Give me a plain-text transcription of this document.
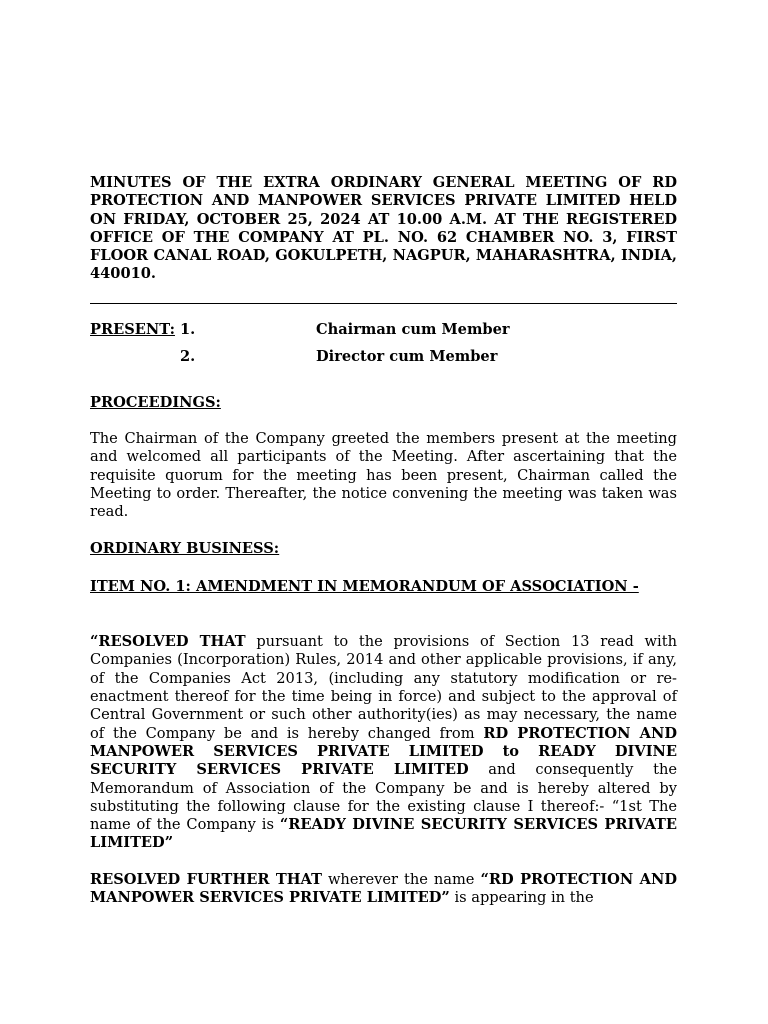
MINUTES OF THE EXTRA ORDINARY GENERAL MEETING OF RD PROTECTION AND MANPOWER SERVICES PRIVATE LIMITED HELD ON FRIDAY, OCTOBER 25, 2024 AT 10.00 A.M. AT THE REGISTERED OFFICE OF THE COMPANY AT PL. NO. 62 CHAMBER NO. 3, FIRST FLOOR CANAL ROAD, GOKULPETH, NAGPUR, MAHARASHTRA, INDIA, 440010.

PRESENT: 1.	Chairman cum Member
2.	Director cum Member

PROCEEDINGS:

The Chairman of the Company greeted the members present at the meeting and welcomed all participants of the Meeting. After ascertaining that the requisite quorum for the meeting has been present, Chairman called the Meeting to order. Thereafter, the notice convening the meeting was taken was read.

ORDINARY BUSINESS:

ITEM NO. 1: AMENDMENT IN MEMORANDUM OF ASSOCIATION -

“RESOLVED THAT pursuant to the provisions of Section 13 read with Companies (Incorporation) Rules, 2014 and other applicable provisions, if any, of the Companies Act 2013, (including any statutory modification or re-enactment thereof for the time being in force) and subject to the approval of Central Government or such other authority(ies) as may necessary, the name of the Company be and is hereby changed from RD PROTECTION AND MANPOWER SERVICES PRIVATE LIMITED to READY DIVINE SECURITY SERVICES PRIVATE LIMITED and consequently the Memorandum of Association of the Company be and is hereby altered by substituting the following clause for the existing clause I thereof:- “1st The name of the Company is “READY DIVINE SECURITY SERVICES PRIVATE LIMITED”

RESOLVED FURTHER THAT wherever the name “RD PROTECTION AND MANPOWER SERVICES PRIVATE LIMITED” is appearing in the
